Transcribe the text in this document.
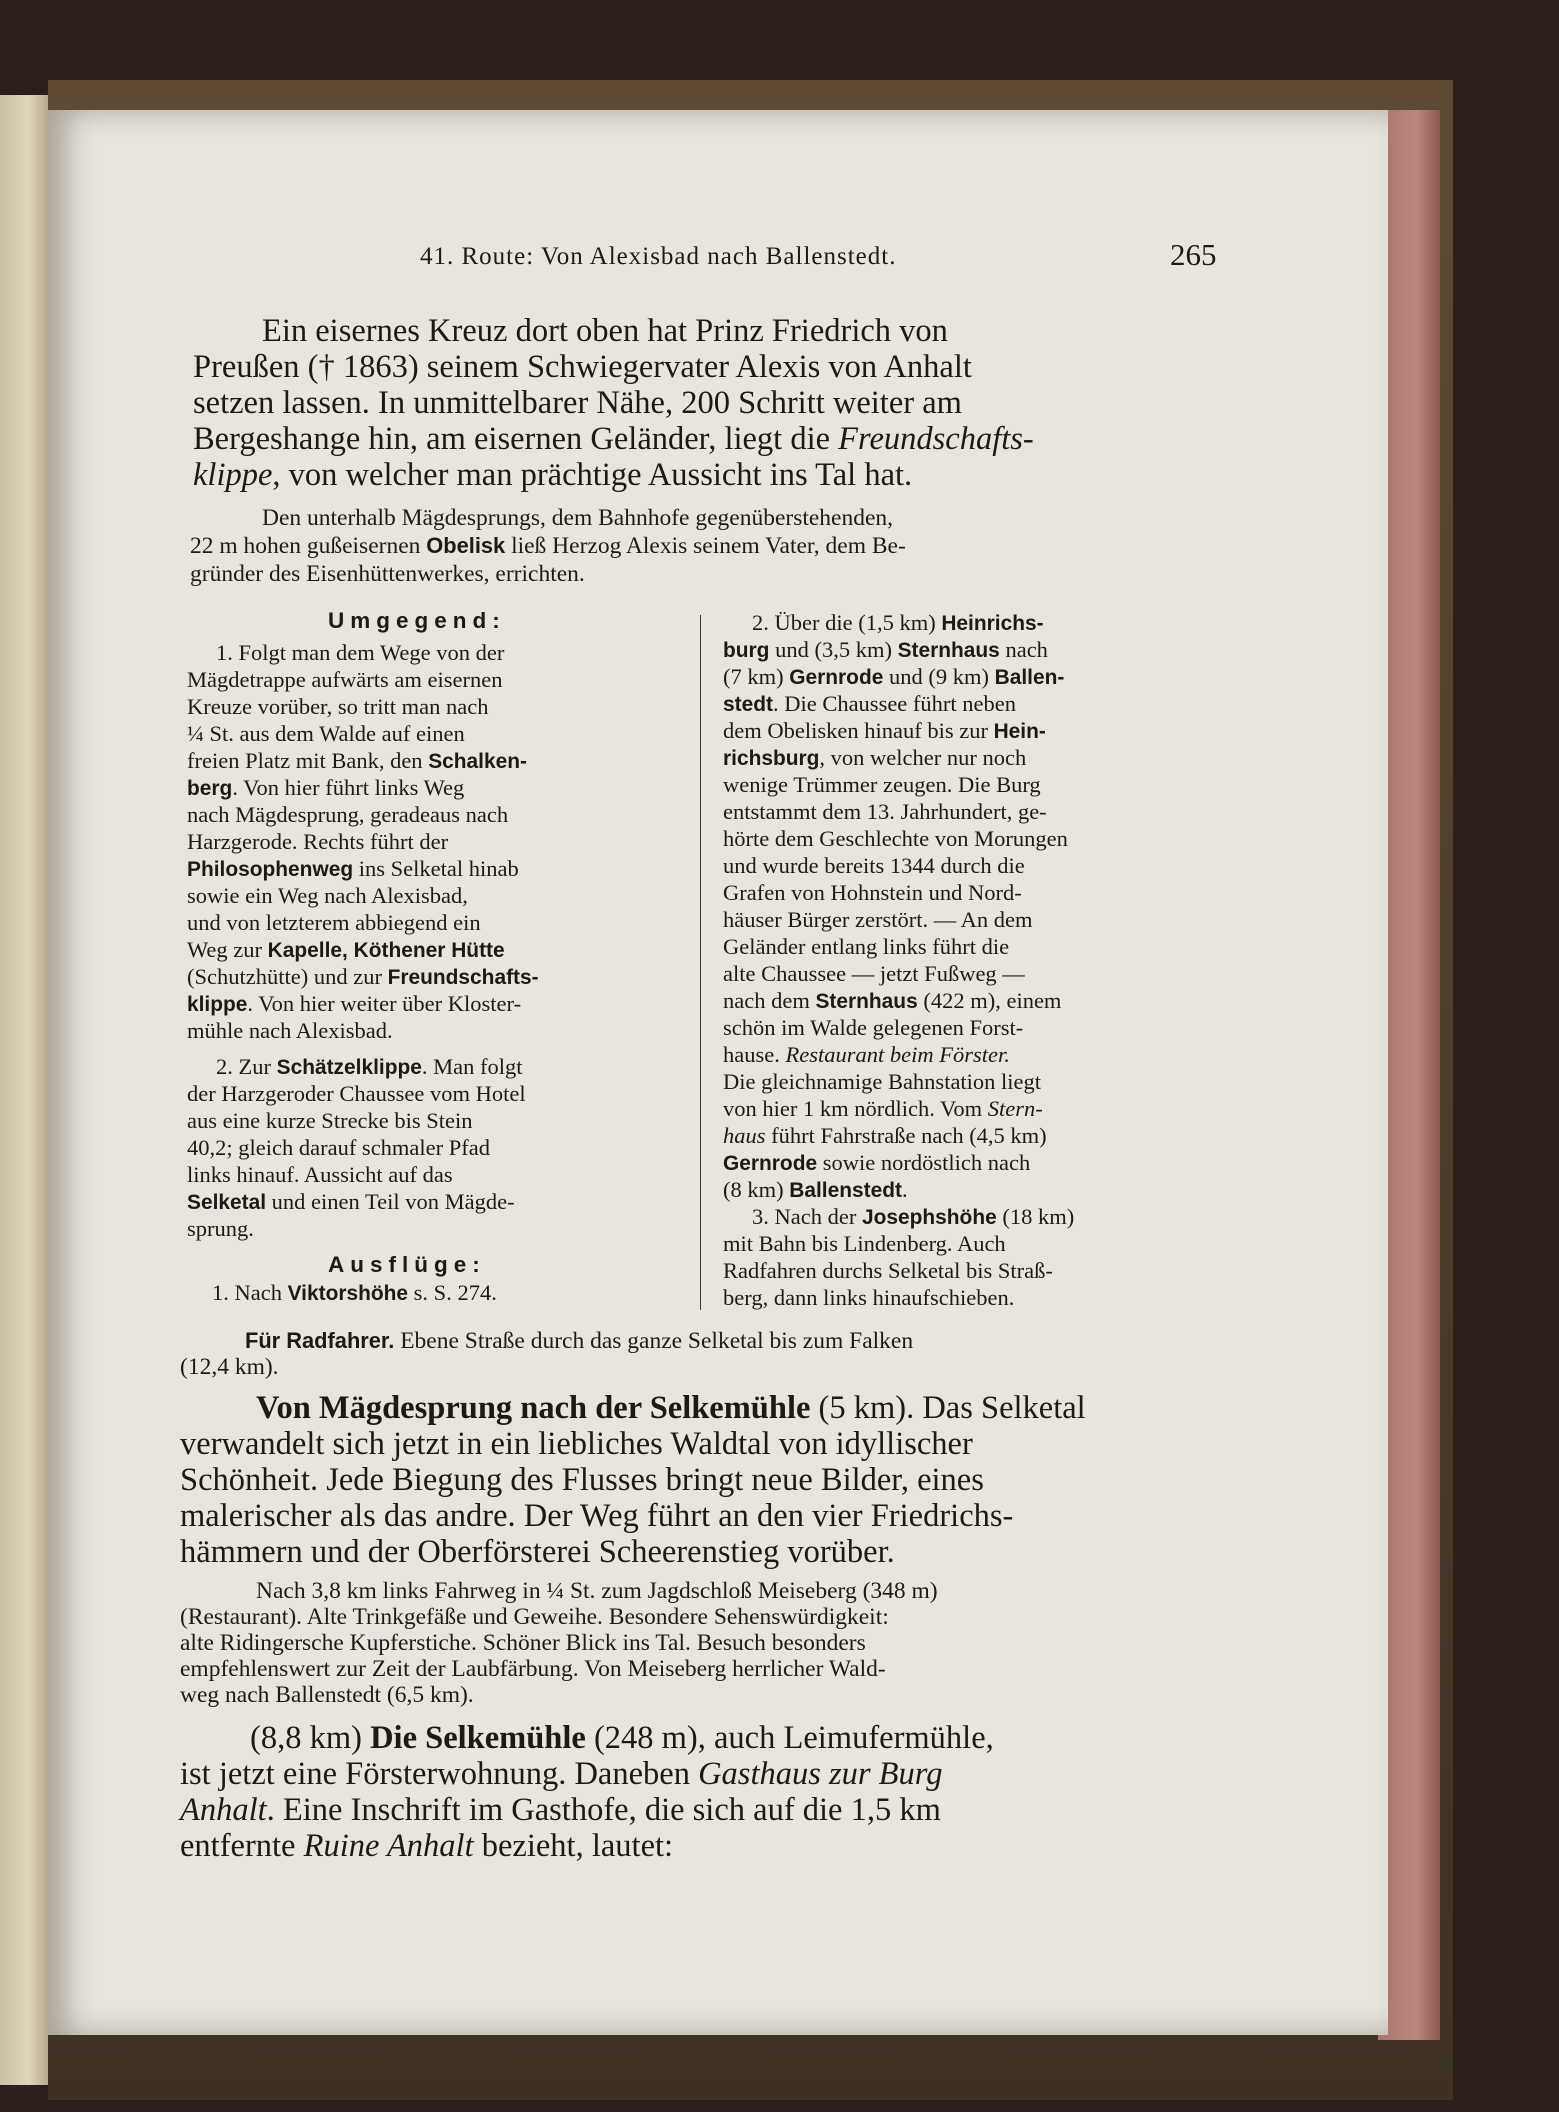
41. Route: Von Alexisbad nach Ballenstedt.	265
Ein eisernes Kreuz dort oben hat Prinz Friedrich von
Preußen († 1863) seinem Schwiegervater Alexis von Anhalt
setzen lassen. In unmittelbarer Nähe, 200 Schritt weiter am
Bergeshange hin, am eisernen Geländer, liegt die Freundschafts-
klippe, von welcher man prächtige Aussicht ins Tal hat.
Den unterhalb Mägdesprungs, dem Bahnhofe gegenüberstehenden,
22 m hohen gußeisernen Obelisk ließ Herzog Alexis seinem Vater, dem Be-
gründer des Eisenhüttenwerkes, errichten.
Umgegend:
1. Folgt man dem Wege von der
Mägdetrappe aufwärts am eisernen
Kreuze vorüber, so tritt man nach
¼ St. aus dem Walde auf einen
freien Platz mit Bank, den Schalken-
berg. Von hier führt links Weg
nach Mägdesprung, geradeaus nach
Harzgerode. Rechts führt der
Philosophenweg ins Selketal hinab
sowie ein Weg nach Alexisbad,
und von letzterem abbiegend ein
Weg zur Kapelle, Köthener Hütte
(Schutzhütte) und zur Freundschafts-
klippe. Von hier weiter über Kloster-
mühle nach Alexisbad.
2. Zur Schätzelklippe. Man folgt
der Harzgeroder Chaussee vom Hotel
aus eine kurze Strecke bis Stein
40,2; gleich darauf schmaler Pfad
links hinauf. Aussicht auf das
Selketal und einen Teil von Mägde-
sprung.
Ausflüge:
1. Nach Viktorshöhe s. S. 274.
2. Über die (1,5 km) Heinrichs-
burg und (3,5 km) Sternhaus nach
(7 km) Gernrode und (9 km) Ballen-
stedt. Die Chaussee führt neben
dem Obelisken hinauf bis zur Hein-
richsburg, von welcher nur noch
wenige Trümmer zeugen. Die Burg
entstammt dem 13. Jahrhundert, ge-
hörte dem Geschlechte von Morungen
und wurde bereits 1344 durch die
Grafen von Hohnstein und Nord-
häuser Bürger zerstört. — An dem
Geländer entlang links führt die
alte Chaussee — jetzt Fußweg —
nach dem Sternhaus (422 m), einem
schön im Walde gelegenen Forst-
hause. Restaurant beim Förster.
Die gleichnamige Bahnstation liegt
von hier 1 km nördlich. Vom Stern-
haus führt Fahrstraße nach (4,5 km)
Gernrode sowie nordöstlich nach
(8 km) Ballenstedt.
3. Nach der Josephshöhe (18 km)
mit Bahn bis Lindenberg. Auch
Radfahren durchs Selketal bis Straß-
berg, dann links hinaufschieben.
Für Radfahrer. Ebene Straße durch das ganze Selketal bis zum Falken
(12,4 km).
Von Mägdesprung nach der Selkemühle (5 km). Das Selketal
verwandelt sich jetzt in ein liebliches Waldtal von idyllischer
Schönheit. Jede Biegung des Flusses bringt neue Bilder, eines
malerischer als das andre. Der Weg führt an den vier Friedrichs-
hämmern und der Oberförsterei Scheerenstieg vorüber.
Nach 3,8 km links Fahrweg in ¼ St. zum Jagdschloß Meiseberg (348 m)
(Restaurant). Alte Trinkgefäße und Geweihe. Besondere Sehenswürdigkeit:
alte Ridingersche Kupferstiche. Schöner Blick ins Tal. Besuch besonders
empfehlenswert zur Zeit der Laubfärbung. Von Meiseberg herrlicher Wald-
weg nach Ballenstedt (6,5 km).
(8,8 km) Die Selkemühle (248 m), auch Leimufermühle,
ist jetzt eine Försterwohnung. Daneben Gasthaus zur Burg
Anhalt. Eine Inschrift im Gasthofe, die sich auf die 1,5 km
entfernte Ruine Anhalt bezieht, lautet:
